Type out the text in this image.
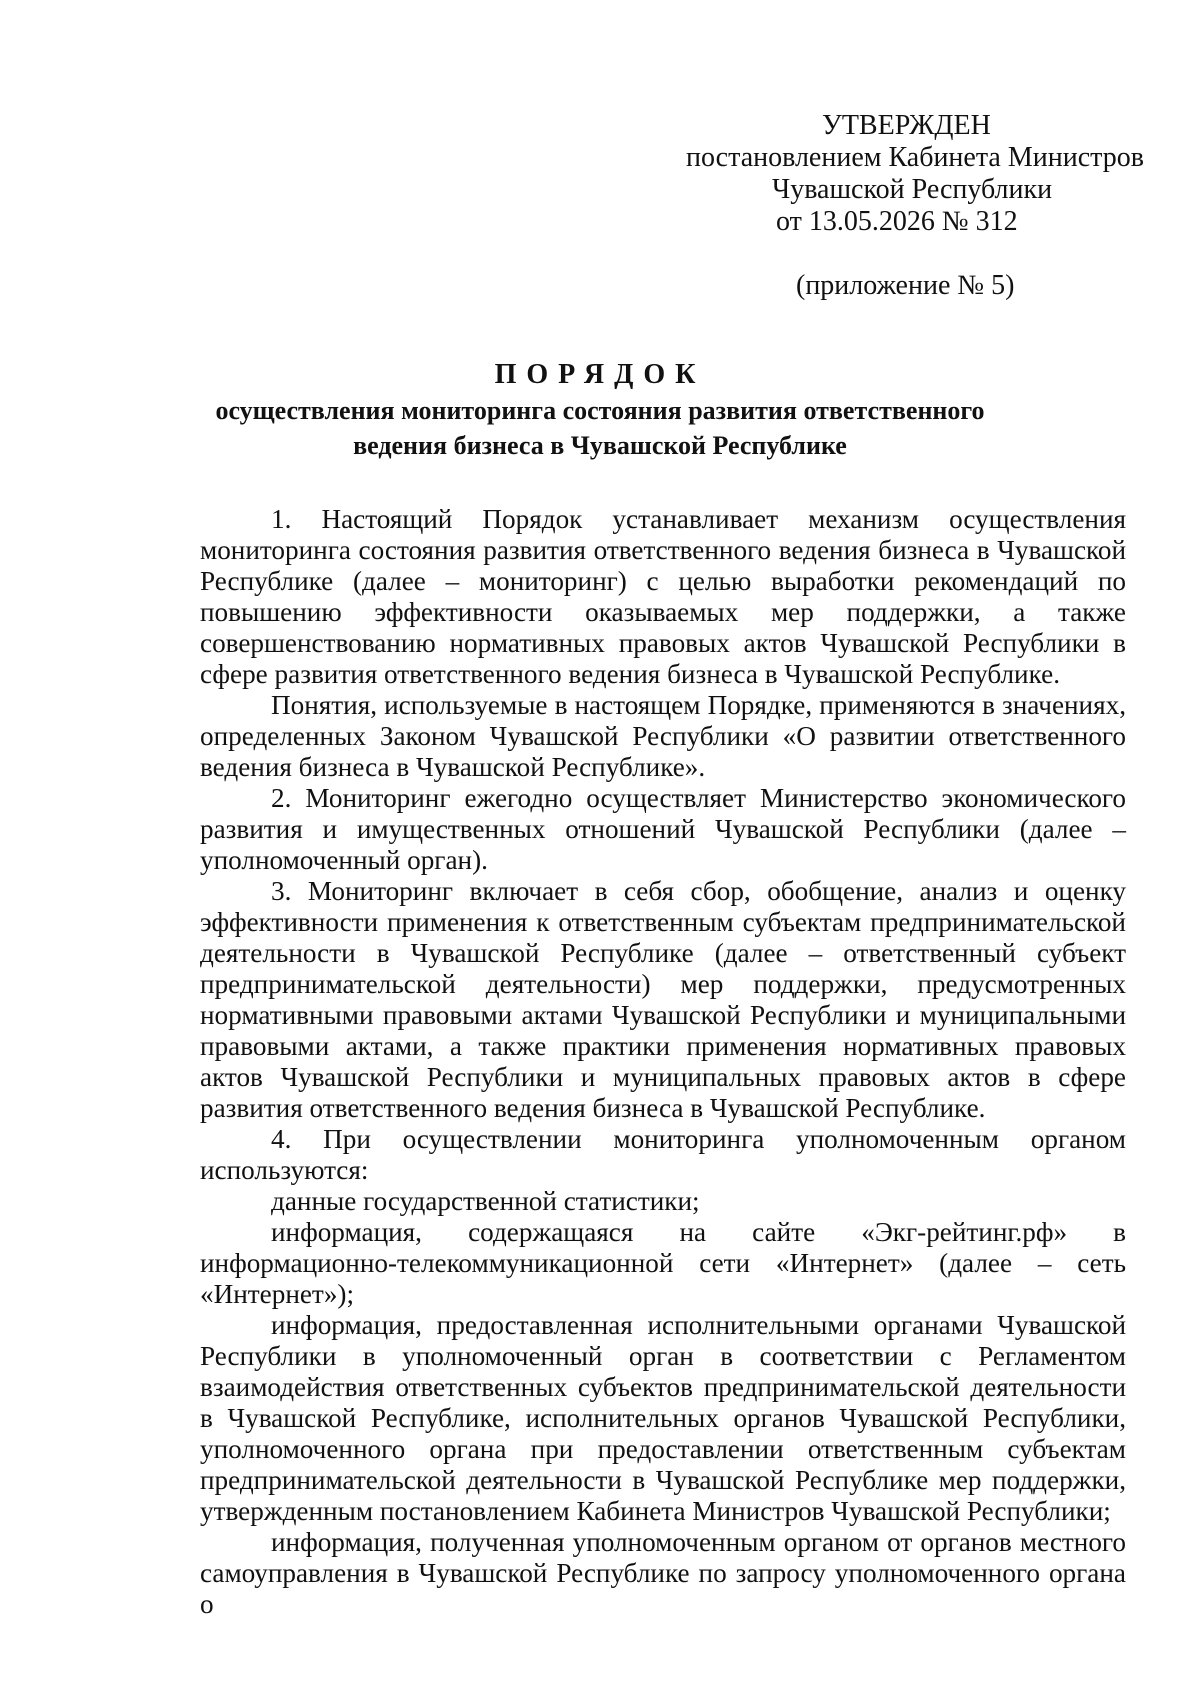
УТВЕРЖДЕН
постановлением Кабинета Министров
Чувашской Республики
от 13.05.2026 № 312
(приложение № 5)
ПОРЯДОК
осуществления мониторинга состояния развития ответственного
ведения бизнеса в Чувашской Республике

1. Настоящий Порядок устанавливает механизм осуществления мониторинга состояния развития ответственного ведения бизнеса в Чувашской Республике (далее – мониторинг) с целью выработки рекомендаций по повышению эффективности оказываемых мер поддержки, а также совершенствованию нормативных правовых актов Чувашской Республики в сфере развития ответственного ведения бизнеса в Чувашской Республике.

Понятия, используемые в настоящем Порядке, применяются в значениях, определенных Законом Чувашской Республики «О развитии ответственного ведения бизнеса в Чувашской Республике».

2. Мониторинг ежегодно осуществляет Министерство экономического развития и имущественных отношений Чувашской Республики (далее – уполномоченный орган).

3. Мониторинг включает в себя сбор, обобщение, анализ и оценку эффективности применения к ответственным субъектам предпринимательской деятельности в Чувашской Республике (далее – ответственный субъект предпринимательской деятельности) мер поддержки, предусмотренных нормативными правовыми актами Чувашской Республики и муниципальными правовыми актами, а также практики применения нормативных правовых актов Чувашской Республики и муниципальных правовых актов в сфере развития ответственного ведения бизнеса в Чувашской Республике.

4. При осуществлении мониторинга уполномоченным органом используются:

данные государственной статистики;

информация, содержащаяся на сайте «Экг-рейтинг.рф» в информационно-телекоммуникационной сети «Интернет» (далее – сеть «Интернет»);

информация, предоставленная исполнительными органами Чувашской Республики в уполномоченный орган в соответствии с Регламентом взаимодействия ответственных субъектов предпринимательской деятельности в Чувашской Республике, исполнительных органов Чувашской Республики, уполномоченного органа при предоставлении ответственным субъектам предпринимательской деятельности в Чувашской Республике мер поддержки, утвержденным постановлением Кабинета Министров Чувашской Республики;

информация, полученная уполномоченным органом от органов местного самоуправления в Чувашской Республике по запросу уполномоченного органа о
